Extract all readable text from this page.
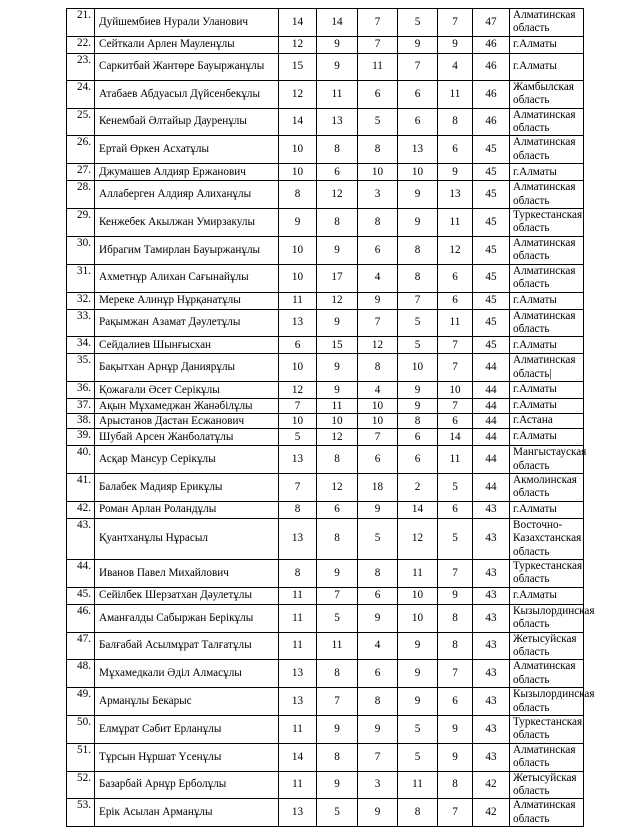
21.	Дуйшембиев Нурали Уланович	14	14	7	5	7	47	Алматинская область
22.	Сейткали Арлен Мауленұлы	12	9	7	9	9	46	г.Алматы
23.	Саркитбай Жантөре Бауыржанұлы	15	9	11	7	4	46	г.Алматы
24.	Атабаев Абдуасыл Дүйсенбекұлы	12	11	6	6	11	46	Жамбылская область
25.	Кенембай Әлтайыр Дауренұлы	14	13	5	6	8	46	Алматинская область
26.	Ертай Өркен Асхатұлы	10	8	8	13	6	45	Алматинская область
27.	Джумашев Алдияр Ержанович	10	6	10	10	9	45	г.Алматы
28.	Аллаберген Алдияр Алиханұлы	8	12	3	9	13	45	Алматинская область
29.	Кенжебек Акылжан Умирзакулы	9	8	8	9	11	45	Туркестанская область
30.	Ибрагим Тамирлан Бауыржанұлы	10	9	6	8	12	45	Алматинская область
31.	Ахметнұр Алихан Сағынайұлы	10	17	4	8	6	45	Алматинская область
32.	Мереке Алинұр Нұрқанатұлы	11	12	9	7	6	45	г.Алматы
33.	Рақымжан Азамат Дәулетұлы	13	9	7	5	11	45	Алматинская область
34.	Сейдалиев Шынғысхан	6	15	12	5	7	45	г.Алматы
35.	Бақытхан Арнұр Даниярұлы	10	9	8	10	7	44	Алматинская область|
36.	Қожағали Әсет Серікұлы	12	9	4	9	10	44	г.Алматы
37.	Ақын Мұхамеджан Жанәбілұлы	7	11	10	9	7	44	г.Алматы
38.	Арыстанов Дастан Есжанович	10	10	10	8	6	44	г.Астана
39.	Шубай Арсен Жанболатұлы	5	12	7	6	14	44	г.Алматы
40.	Асқар Мансур Серікұлы	13	8	6	6	11	44	Мангыстауская область
41.	Балабек Мадияр Ерикұлы	7	12	18	2	5	44	Акмолинская область
42.	Роман Арлан Роландұлы	8	6	9	14	6	43	г.Алматы
43.	Қуантханұлы Нұрасыл	13	8	5	12	5	43	Восточно-Казахстанская область
44.	Иванов Павел Михайлович	8	9	8	11	7	43	Туркестанская область
45.	Сейілбек Шерзатхан Дәулетұлы	11	7	6	10	9	43	г.Алматы
46.	Аманғалды Сабыржан Берікұлы	11	5	9	10	8	43	Кызылординская область
47.	Балғабай Асылмұрат Талғатұлы	11	11	4	9	8	43	Жетысуйская область
48.	Мұхамедкали Әділ Алмасұлы	13	8	6	9	7	43	Алматинская область
49.	Арманұлы Бекарыс	13	7	8	9	6	43	Кызылординская область
50.	Елмұрат Сәбит Ерланұлы	11	9	9	5	9	43	Туркестанская область
51.	Тұрсын Нұршат Үсенұлы	14	8	7	5	9	43	Алматинская область
52.	Базарбай Арнұр Ерболұлы	11	9	3	11	8	42	Жетысуйская область
53.	Ерік Асылан Арманұлы	13	5	9	8	7	42	Алматинская область
